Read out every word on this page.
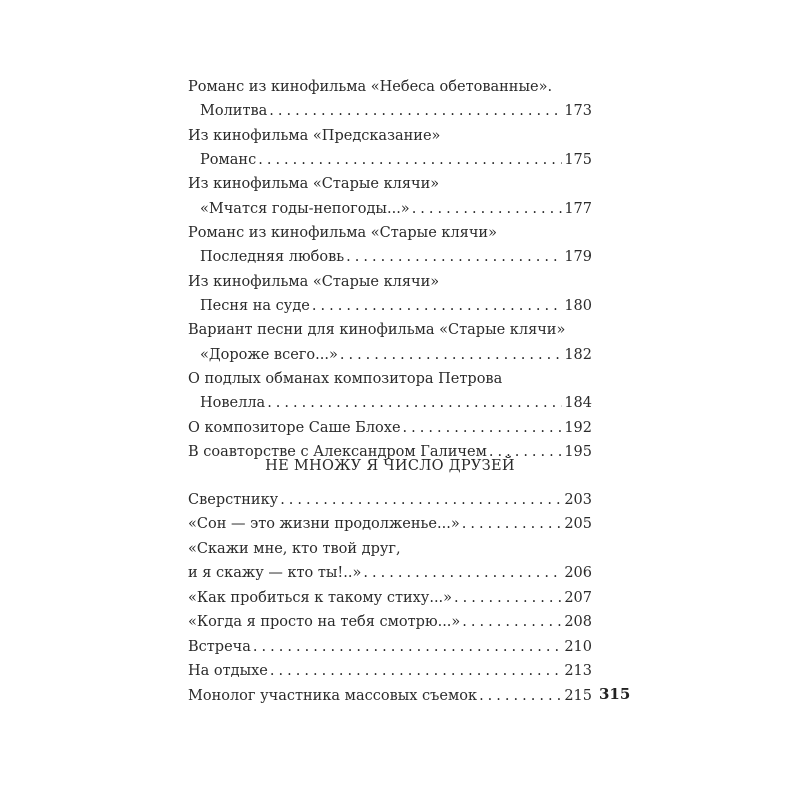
Романс из кинофильма «Небеса обетованные».
Молитва . . .	173
Из кинофильма «Предсказание»
Романс . . .	175
Из кинофильма «Старые клячи»
«Мчатся годы-непогоды...» . . .	177
Романс из кинофильма «Старые клячи»
Последняя любовь . . .	179
Из кинофильма «Старые клячи»
Песня на суде . . .	180
Вариант песни для кинофильма «Старые клячи»
«Дороже всего...» . . .	182
О подлых обманах композитора Петрова
Новелла . . .	184
О композиторе Саше Блохе . . .	192
В соавторстве с Александром Галичем . . .	195
НЕ МНОЖУ Я ЧИСЛО ДРУЗЕЙ
Сверстнику . . .	203
«Сон — это жизни продолженье...» . . .	205
«Скажи мне, кто твой друг,
и я скажу — кто ты!..» . . .	206
«Как пробиться к такому стиху...» . . .	207
«Когда я просто на тебя смотрю...» . . .	208
Встреча . . .	210
На отдыхе . . .	213
Монолог участника массовых съемок . . .	215 315
